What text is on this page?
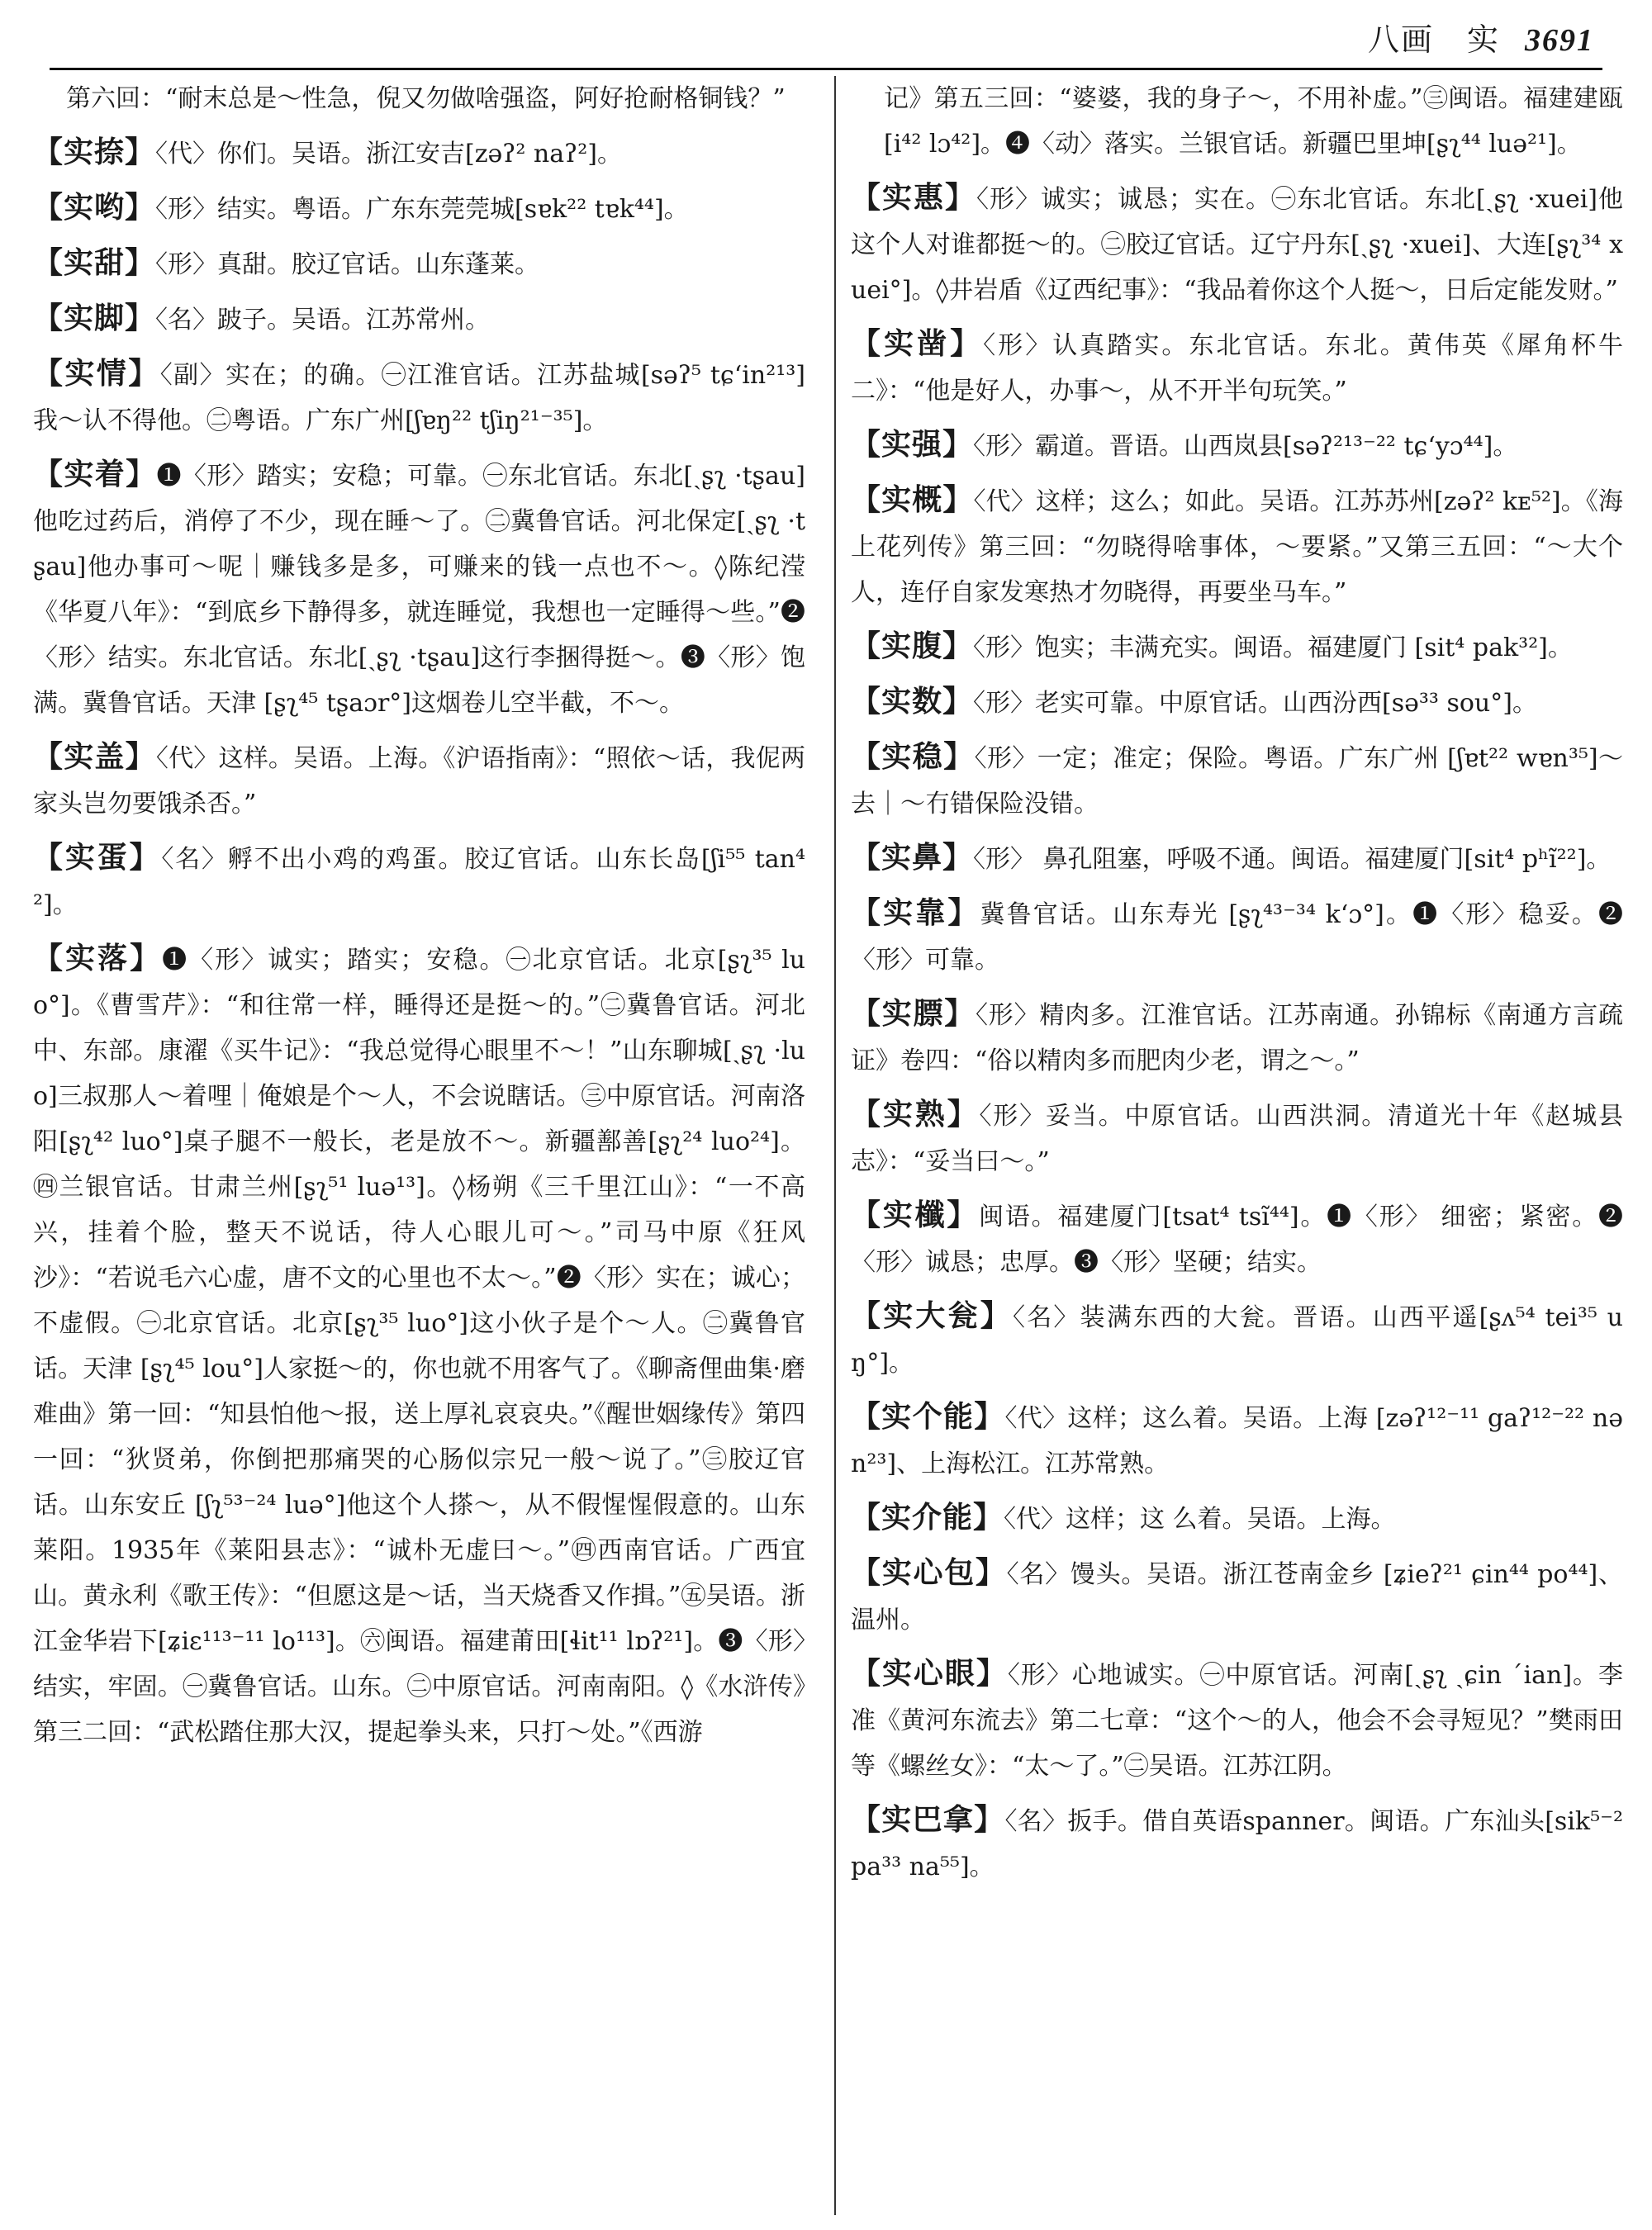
八画　实 3691

第六回：“耐末总是～性急，倪又勿做啥强盗，阿好抢耐格铜钱？”

【实捺】〈代〉你们。吴语。浙江安吉[zəʔ² naʔ²]。

【实哟】〈形〉结实。粤语。广东东莞莞城[sɐk²² tɐk⁴⁴]。

【实甜】〈形〉真甜。胶辽官话。山东蓬莱。

【实脚】〈名〉跛子。吴语。江苏常州。

【实情】〈副〉实在；的确。㊀江淮官话。江苏盐城[səʔ⁵ tɕʻin²¹³] 我～认不得他。㊁粤语。广东广州[ʃɐŋ²² tʃiŋ²¹⁻³⁵]。

【实着】❶〈形〉踏实；安稳；可靠。㊀东北官话。东北[ˏʂʅ ·tʂau]他吃过药后，消停了不少，现在睡～了。㊁冀鲁官话。河北保定[ˏʂʅ ·tʂau]他办事可～呢｜赚钱多是多，可赚来的钱一点也不～。◊陈纪滢《华夏八年》：“到底乡下静得多，就连睡觉，我想也一定睡得～些。”❷〈形〉结实。东北官话。东北[ˏʂʅ ·tʂau]这行李捆得挺～。❸〈形〉饱满。冀鲁官话。天津 [ʂʅ⁴⁵ tʂaɔr°]这烟卷儿空半截，不～。

【实盖】〈代〉这样。吴语。上海。《沪语指南》：“照依～话，我伲两家头岂勿要饿杀否。”

【实蛋】〈名〉孵不出小鸡的鸡蛋。胶辽官话。山东长岛[ʃi⁵⁵ tan⁴²]。

【实落】❶〈形〉诚实；踏实；安稳。㊀北京官话。北京[ʂʅ³⁵ luo°]。《曹雪芹》：“和往常一样，睡得还是挺～的。”㊁冀鲁官话。河北中、东部。康濯《买牛记》：“我总觉得心眼里不～！”山东聊城[ˏʂʅ ·luo]三叔那人～着哩｜俺娘是个～人，不会说瞎话。㊂中原官话。河南洛阳[ʂʅ⁴² luo°]桌子腿不一般长，老是放不～。新疆鄯善[ʂʅ²⁴ luo²⁴]。㊃兰银官话。甘肃兰州[ʂʅ⁵¹ luə¹³]。◊杨朔《三千里江山》：“一不高兴，挂着个脸，整天不说话，待人心眼儿可～。”司马中原《狂风沙》：“若说毛六心虚，唐不文的心里也不太～。”❷〈形〉实在；诚心；不虚假。㊀北京官话。北京[ʂʅ³⁵ luo°]这小伙子是个～人。㊁冀鲁官话。天津 [ʂʅ⁴⁵ lou°]人家挺～的，你也就不用客气了。《聊斋俚曲集·磨难曲》第一回：“知县怕他～报，送上厚礼哀哀央。”《醒世姻缘传》第四一回：“狄贤弟，你倒把那痛哭的心肠似宗兄一般～说了。”㊂胶辽官话。山东安丘 [ʃʅ⁵³⁻²⁴ luə°]他这个人搽～，从不假惺惺假意的。山东莱阳。1935年《莱阳县志》：“诚朴无虚曰～。”㊃西南官话。广西宜山。黄永利《歌王传》：“但愿这是～话，当天烧香又作揖。”㊄吴语。浙江金华岩下[ʑiɛ¹¹³⁻¹¹ lo¹¹³]。㊅闽语。福建莆田[ɬit¹¹ lɒʔ²¹]。❸〈形〉结实，牢固。㊀冀鲁官话。山东。㊁中原官话。河南南阳。◊《水浒传》第三二回：“武松踏住那大汉，提起拳头来，只打～处。”《西游

记》第五三回：“婆婆，我的身子～，不用补虚。”㊂闽语。福建建瓯[i⁴² lɔ⁴²]。❹〈动〉落实。兰银官话。新疆巴里坤[ʂʅ⁴⁴ luə²¹]。

【实惠】〈形〉诚实；诚恳；实在。㊀东北官话。东北[ˏʂʅ ·xuei]他这个人对谁都挺～的。㊁胶辽官话。辽宁丹东[ˏʂʅ ·xuei]、大连[ʂʅ³⁴ xuei°]。◊井岩盾《辽西纪事》：“我品着你这个人挺～，日后定能发财。”

【实凿】〈形〉认真踏实。东北官话。东北。黄伟英《犀角杯牛二》：“他是好人，办事～，从不开半句玩笑。”

【实强】〈形〉霸道。晋语。山西岚县[səʔ²¹³⁻²² tɕʻyɔ⁴⁴]。

【实概】〈代〉这样；这么；如此。吴语。江苏苏州[zəʔ² kᴇ⁵²]。《海上花列传》第三回：“勿晓得啥事体，～要紧。”又第三五回：“～大个人，连仔自家发寒热才勿晓得，再要坐马车。”

【实腹】〈形〉饱实；丰满充实。闽语。福建厦门 [sit⁴ pak³²]。

【实数】〈形〉老实可靠。中原官话。山西汾西[sə³³ sou°]。

【实稳】〈形〉一定；准定；保险。粤语。广东广州 [ʃɐt²² wɐn³⁵]～去｜～冇错保险没错。

【实鼻】〈形〉 鼻孔阻塞，呼吸不通。闽语。福建厦门[sit⁴ pʰĩ²²]。

【实靠】冀鲁官话。山东寿光 [ʂʅ⁴³⁻³⁴ kʻɔ°]。❶〈形〉稳妥。❷〈形〉可靠。

【实膘】〈形〉精肉多。江淮官话。江苏南通。孙锦标《南通方言疏证》卷四：“俗以精肉多而肥肉少老，谓之～。”

【实熟】〈形〉妥当。中原官话。山西洪洞。清道光十年《赵城县志》：“妥当曰～。”

【实櫼】闽语。福建厦门[tsat⁴ tsĩ⁴⁴]。❶〈形〉 细密；紧密。❷〈形〉诚恳；忠厚。❸〈形〉坚硬；结实。

【实大瓮】〈名〉装满东西的大瓮。晋语。山西平遥[ʂʌ⁵⁴ tei³⁵ uŋ°]。

【实个能】〈代〉这样；这么着。吴语。上海 [zəʔ¹²⁻¹¹ gaʔ¹²⁻²² nən²³]、上海松江。江苏常熟。

【实介能】〈代〉这样；这 么着。吴语。上海。

【实心包】〈名〉馒头。吴语。浙江苍南金乡 [ʑieʔ²¹ ɕin⁴⁴ po⁴⁴]、温州。

【实心眼】〈形〉心地诚实。㊀中原官话。河南[ˏʂʅ ˏɕin ˊian]。李准《黄河东流去》第二七章：“这个～的人，他会不会寻短见？”樊雨田等《螺丝女》：“太～了。”㊁吴语。江苏江阴。

【实巴拿】〈名〉扳手。借自英语spanner。闽语。广东汕头[sik⁵⁻² pa³³ na⁵⁵]。
